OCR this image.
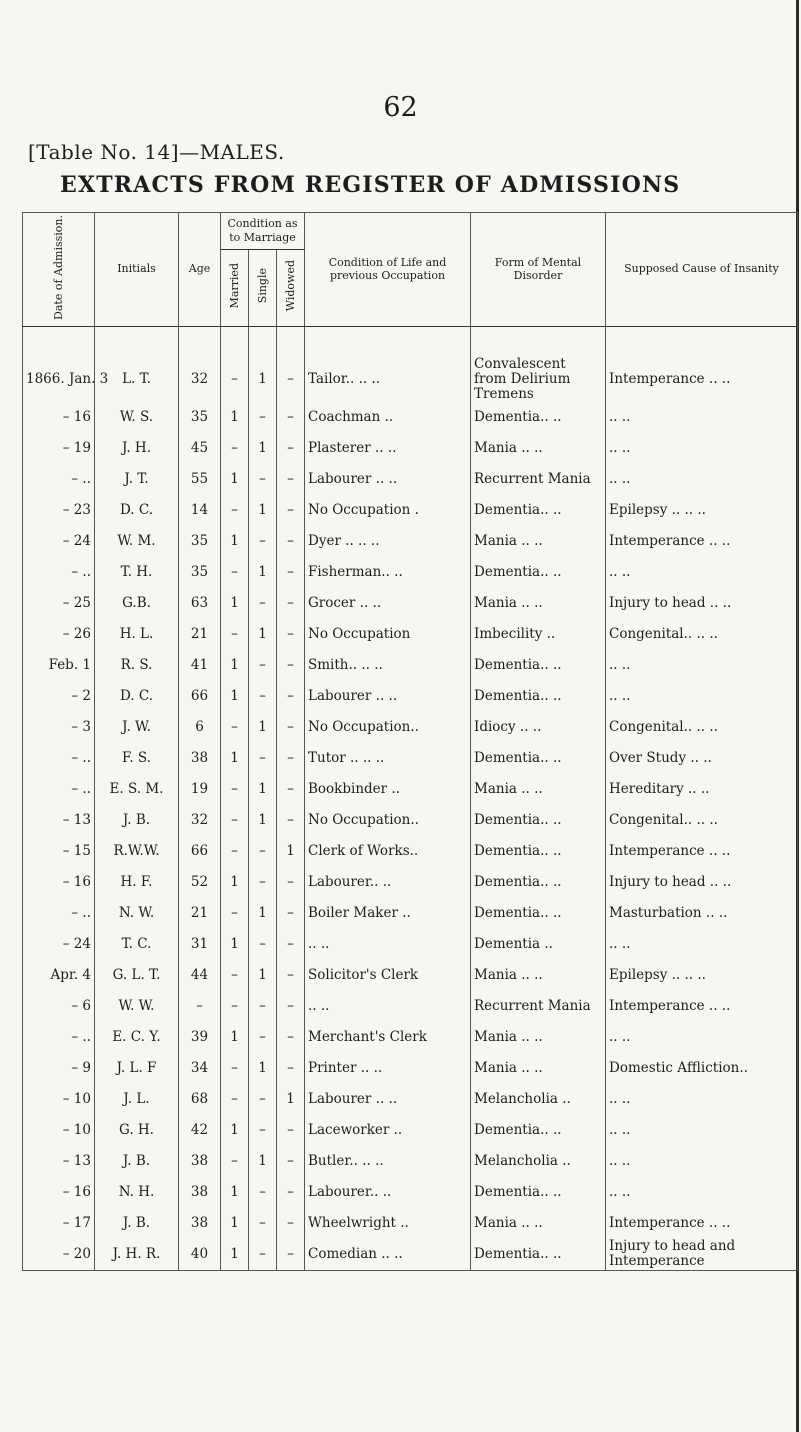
62
[Table No. 14]—MALES.
EXTRACTS FROM REGISTER OF ADMISSIONS
Date of Admission.	Initials	Age	Condition as to Marriage			Condition of Life and previous Occupation	Form of Mental Disorder	Supposed Cause of Insanity
			Married	Single	Widowed			
1866. Jan. 3	L. T.	32	–	1	–	Tailor.. .. ..	Convalescent from Delirium Tremens	Intemperance .. ..
– 16	W. S.	35	1	–	–	Coachman ..	Dementia.. ..	.. ..
– 19	J. H.	45	–	1	–	Plasterer .. ..	Mania .. ..	.. ..
– ..	J. T.	55	1	–	–	Labourer .. ..	Recurrent Mania	.. ..
– 23	D. C.	14	–	1	–	No Occupation .	Dementia.. ..	Epilepsy .. .. ..
– 24	W. M.	35	1	–	–	Dyer .. .. ..	Mania .. ..	Intemperance .. ..
– ..	T. H.	35	–	1	–	Fisherman.. ..	Dementia.. ..	.. ..
– 25	G.B.	63	1	–	–	Grocer .. ..	Mania .. ..	Injury to head .. ..
– 26	H. L.	21	–	1	–	No Occupation	Imbecility ..	Congenital.. .. ..
Feb. 1	R. S.	41	1	–	–	Smith.. .. ..	Dementia.. ..	.. ..
– 2	D. C.	66	1	–	–	Labourer .. ..	Dementia.. ..	.. ..
– 3	J. W.	6	–	1	–	No Occupation..	Idiocy .. ..	Congenital.. .. ..
– ..	F. S.	38	1	–	–	Tutor .. .. ..	Dementia.. ..	Over Study .. ..
– ..	E. S. M.	19	–	1	–	Bookbinder ..	Mania .. ..	Hereditary .. ..
– 13	J. B.	32	–	1	–	No Occupation..	Dementia.. ..	Congenital.. .. ..
– 15	R.W.W.	66	–	–	1	Clerk of Works..	Dementia.. ..	Intemperance .. ..
– 16	H. F.	52	1	–	–	Labourer.. ..	Dementia.. ..	Injury to head .. ..
– ..	N. W.	21	–	1	–	Boiler Maker ..	Dementia.. ..	Masturbation .. ..
– 24	T. C.	31	1	–	–	.. ..	Dementia ..	.. ..
Apr. 4	G. L. T.	44	–	1	–	Solicitor's Clerk	Mania .. ..	Epilepsy .. .. ..
– 6	W. W.	–	–	–	–	.. ..	Recurrent Mania	Intemperance .. ..
– ..	E. C. Y.	39	1	–	–	Merchant's Clerk	Mania .. ..	.. ..
– 9	J. L. F	34	–	1	–	Printer .. ..	Mania .. ..	Domestic Affliction..
– 10	J. L.	68	–	–	1	Labourer .. ..	Melancholia ..	.. ..
– 10	G. H.	42	1	–	–	Laceworker ..	Dementia.. ..	.. ..
– 13	J. B.	38	–	1	–	Butler.. .. ..	Melancholia ..	.. ..
– 16	N. H.	38	1	–	–	Labourer.. ..	Dementia.. ..	.. ..
– 17	J. B.	38	1	–	–	Wheelwright ..	Mania .. ..	Intemperance .. ..
– 20	J. H. R.	40	1	–	–	Comedian .. ..	Dementia.. ..	Injury to head and Intemperance
